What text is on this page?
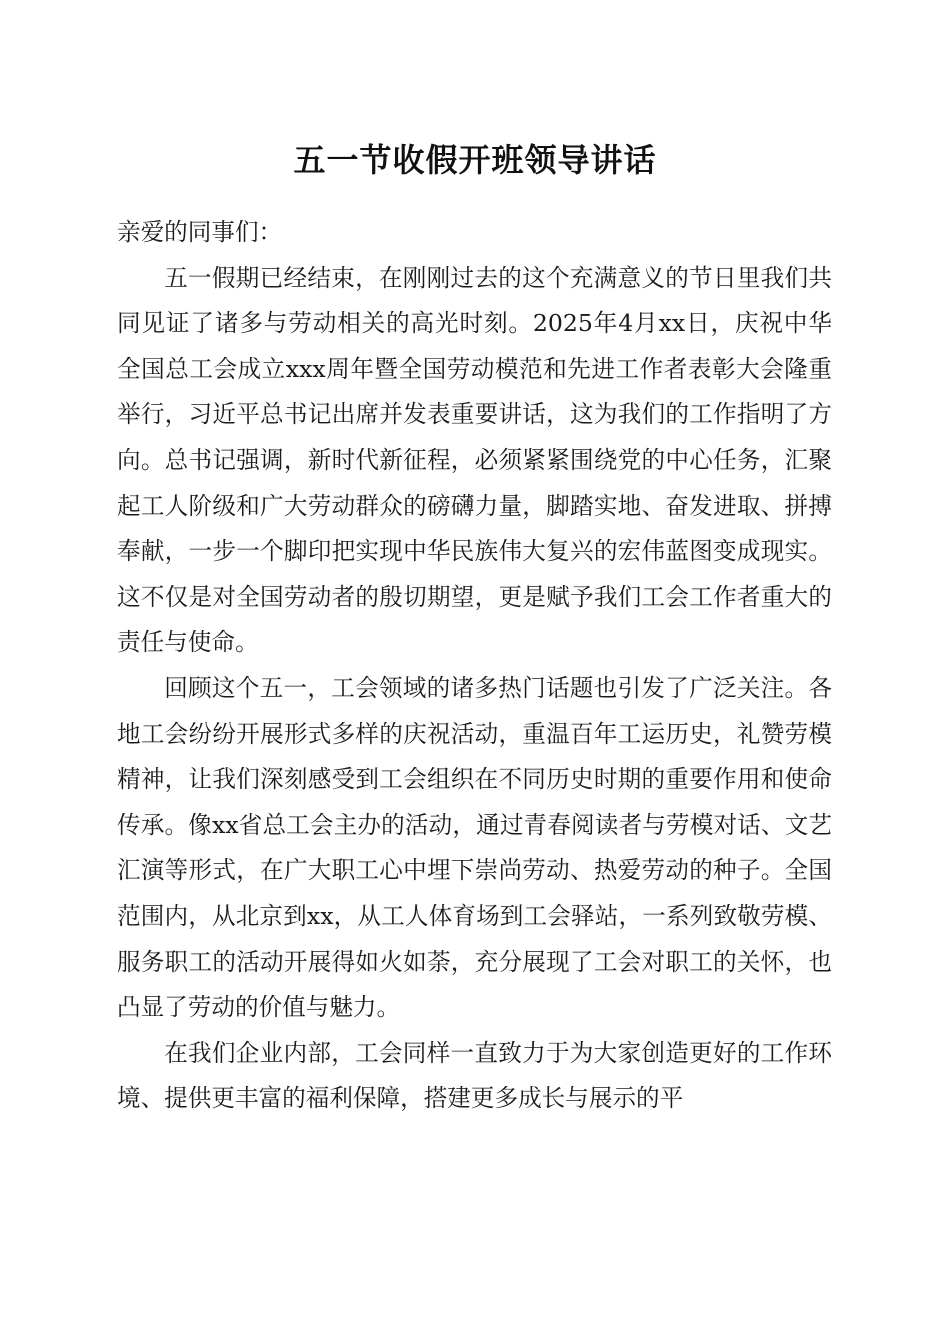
五一节收假开班领导讲话

亲爱的同事们：

五一假期已经结束，在刚刚过去的这个充满意义的节日里我们共同见证了诸多与劳动相关的高光时刻。2025年4月xx日，庆祝中华全国总工会成立xxx周年暨全国劳动模范和先进工作者表彰大会隆重举行，习近平总书记出席并发表重要讲话，这为我们的工作指明了方向。总书记强调，新时代新征程，必须紧紧围绕党的中心任务，汇聚起工人阶级和广大劳动群众的磅礴力量，脚踏实地、奋发进取、拼搏奉献，一步一个脚印把实现中华民族伟大复兴的宏伟蓝图变成现实。这不仅是对全国劳动者的殷切期望，更是赋予我们工会工作者重大的责任与使命。

回顾这个五一，工会领域的诸多热门话题也引发了广泛关注。各地工会纷纷开展形式多样的庆祝活动，重温百年工运历史，礼赞劳模精神，让我们深刻感受到工会组织在不同历史时期的重要作用和使命传承。像xx省总工会主办的活动，通过青春阅读者与劳模对话、文艺汇演等形式，在广大职工心中埋下崇尚劳动、热爱劳动的种子。全国范围内，从北京到xx，从工人体育场到工会驿站，一系列致敬劳模、服务职工的活动开展得如火如荼，充分展现了工会对职工的关怀，也凸显了劳动的价值与魅力。

在我们企业内部，工会同样一直致力于为大家创造更好的工作环境、提供更丰富的福利保障，搭建更多成长与展示的平
